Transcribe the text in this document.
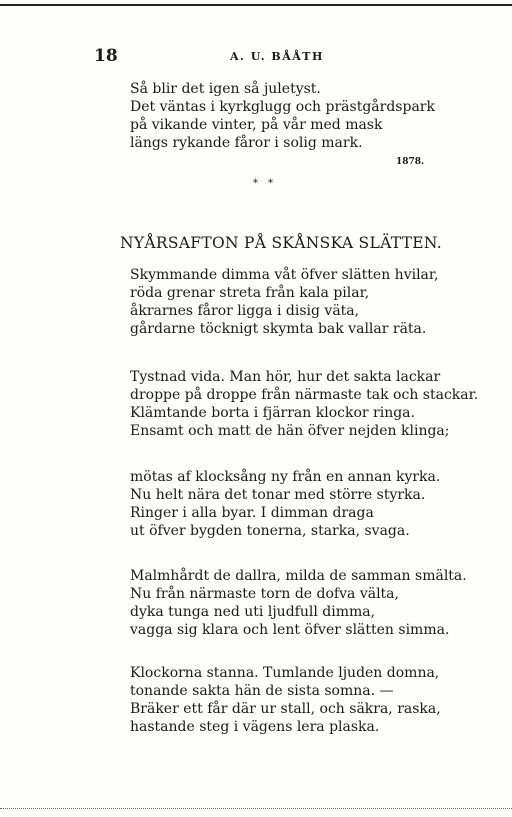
18	A. U. BÅÅTH
Så blir det igen så juletyst.
Det väntas i kyrkglugg och prästgårdspark
på vikande vinter, på vår med mask
längs rykande fåror i solig mark.
1878.
* *
NYÅRSAFTON PÅ SKÅNSKA SLÄTTEN.
Skymmande dimma våt öfver slätten hvilar,
röda grenar streta från kala pilar,
åkrarnes fåror ligga i disig väta,
gårdarne töcknigt skymta bak vallar räta.
Tystnad vida. Man hör, hur det sakta lackar
droppe på droppe från närmaste tak och stackar.
Klämtande borta i fjärran klockor ringa.
Ensamt och matt de hän öfver nejden klinga;
mötas af klocksång ny från en annan kyrka.
Nu helt nära det tonar med större styrka.
Ringer i alla byar. I dimman draga
ut öfver bygden tonerna, starka, svaga.
Malmhårdt de dallra, milda de samman smälta.
Nu från närmaste torn de dofva välta,
dyka tunga ned uti ljudfull dimma,
vagga sig klara och lent öfver slätten simma.
Klockorna stanna. Tumlande ljuden domna,
tonande sakta hän de sista somna. —
Bräker ett får där ur stall, och säkra, raska,
hastande steg i vägens lera plaska.
